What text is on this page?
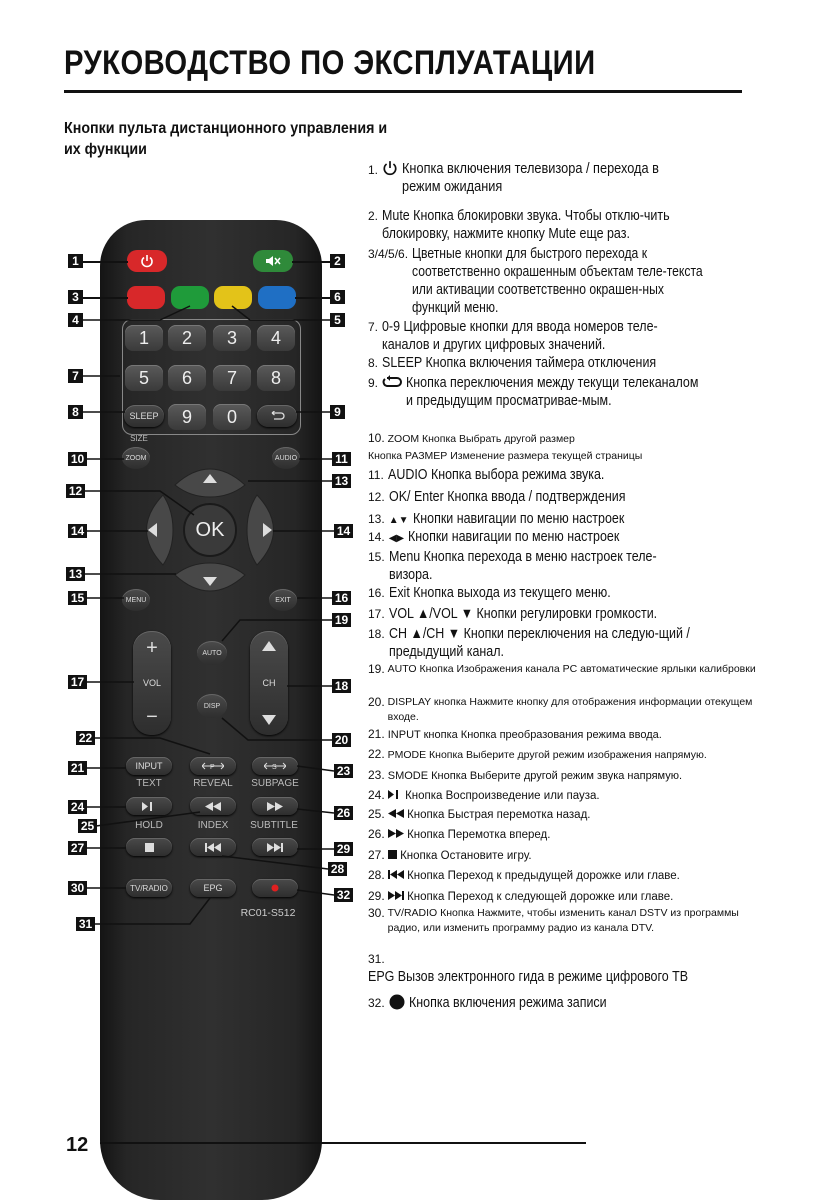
РУКОВОДСТВО ПО ЭКСПЛУАТАЦИИ
Кнопки пульта дистанционного управления и их функции
1	2	3	4
5	6	7	8
9	0
SLEEP
SIZE
ZOOM	AUDIO
OK
MENU	EXIT
AUTO
DISP
+
VOL
−
CH
INPUT	P	S
TEXT	REVEAL	SUBPAGE
HOLD	INDEX	SUBTITLE
TV/RADIO	EPG
RC01-S512
1	2
3	6
4	5
7
8	9
10	11
12
13
14	14
13
15	16
17	18
19
20
21
22
23
24
25
26
27
28
29
30
31
32
1. Кнопка включения телевизора / перехода в режим ожидания
2. Mute Кнопка блокировки звука. Чтобы отклю-чить блокировку, нажмите кнопку Mute еще раз.
3/4/5/6. Цветные кнопки для быстрого перехода к соответственно окрашенным объектам теле-текста или активации соответственно окрашен-ных функций меню.
7. 0-9 Цифровые кнопки для ввода номеров теле-каналов и других цифровых значений.
8. SLEEP Кнопка включения таймера отключения
9. Кнопка переключения между текущи телеканалом и предыдущим просматривае-мым.
10. ZOOM Кнопка Выбрать другой размер
Кнопка РАЗМЕР Изменение размера текущей страницы
11. AUDIO Кнопка выбора режима звука.
12. OK/ Enter Кнопка ввода / подтверждения
13. ▲▼ Кнопки навигации по меню настроек
14. ◀▶ Кнопки навигации по меню настроек
15. Menu Кнопка перехода в меню настроек теле-визора.
16. Exit Кнопка выхода из текущего меню.
17. VOL ▲/VOL ▼ Кнопки регулировки громкости.
18. CH ▲/CH ▼ Кнопки переключения на следую-щий /предыдущий канал.
19. AUTO Кнопка Изображения канала PC автоматические ярлыки калибровки
20. DISPLAY кнопка Нажмите кнопку для отображения информации отекущем входе.
21. INPUT кнопка Кнопка преобразования режима ввода.
22. PMODE Кнопка Выберите другой режим изображения напрямую.
23. SMODE Кнопка Выберите другой режим звука напрямую.
24. Кнопка Воспроизведение или пауза.
25. Кнопка Быстрая перемотка назад.
26. Кнопка Перемотка вперед.
27. Кнопка Остановите игру.
28. Кнопка Переход к предыдущей дорожке или главе.
29. Кнопка Переход к следующей дорожке или главе.
30. TV/RADIO Кнопка Нажмите, чтобы изменить канал DSTV из программы радио, или изменить программу радио из канала DTV.
31. EPG Вызов электронного гида в режиме цифрового ТВ
32. Кнопка включения режима записи
12
